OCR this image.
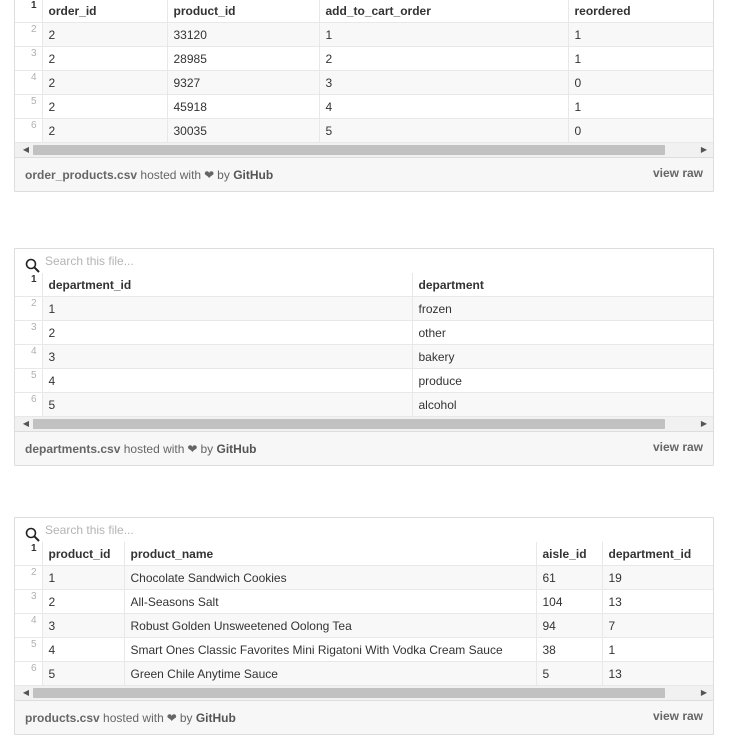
1	order_id	product_id	add_to_cart_order	reordered
2	2	33120	1	1
3	2	28985	2	1
4	2	9327	3	0
5	2	45918	4	1
6	2	30035	5	0
◀	▶
order_products.csv
hosted with ❤ by
GitHub	view raw
Search this file...
1	department_id	department
2	1	frozen
3	2	other
4	3	bakery
5	4	produce
6	5	alcohol
◀	▶
departments.csv
hosted with ❤ by
GitHub	view raw
Search this file...
1	product_id	product_name	aisle_id	department_id
2	1	Chocolate Sandwich Cookies	61	19
3	2	All-Seasons Salt	104	13
4	3	Robust Golden Unsweetened Oolong Tea	94	7
5	4	Smart Ones Classic Favorites Mini Rigatoni With Vodka Cream Sauce	38	1
6	5	Green Chile Anytime Sauce	5	13
◀	▶
products.csv
hosted with ❤ by
GitHub	view raw
